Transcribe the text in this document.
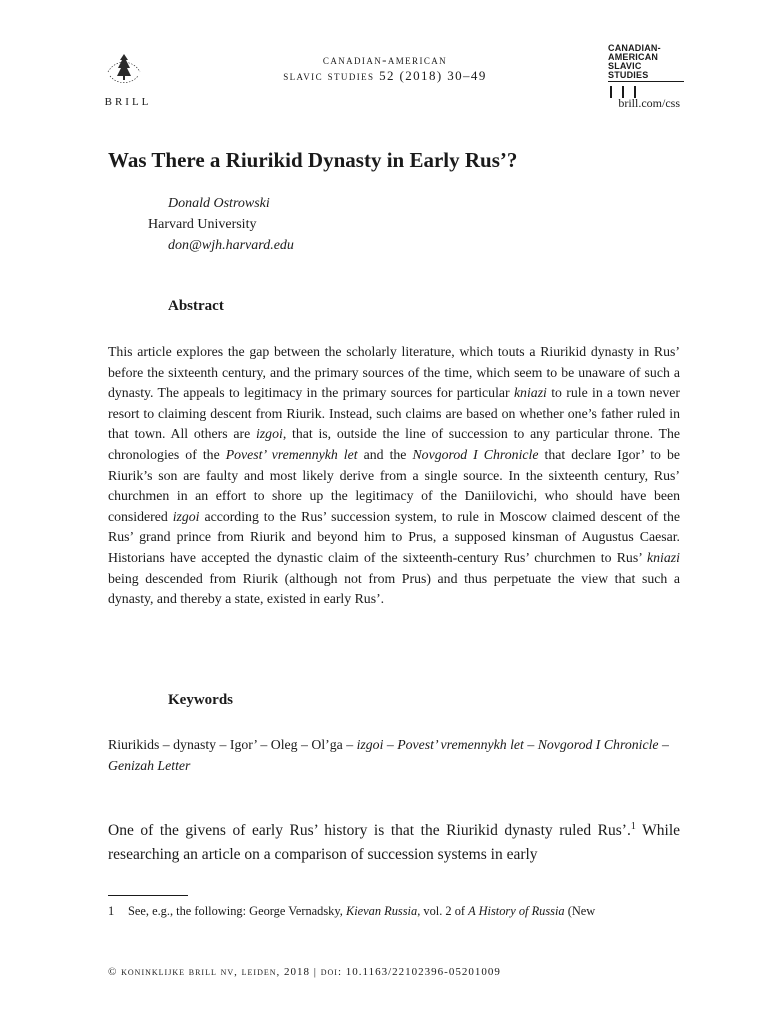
BRILL
canadian-american
slavic studies 52 (2018) 30–49
CANADIAN-
AMERICAN
SLAVIC STUDIES
brill.com/css
Was There a Riurikid Dynasty in Early Rus’?
Donald Ostrowski
Harvard University
don@wjh.harvard.edu
Abstract
This article explores the gap between the scholarly literature, which touts a Riurikid dynasty in Rus’ before the sixteenth century, and the primary sources of the time, which seem to be unaware of such a dynasty. The appeals to legitimacy in the primary sources for particular kniazi to rule in a town never resort to claiming descent from Riurik. Instead, such claims are based on whether one’s father ruled in that town. All others are izgoi, that is, outside the line of succession to any particular throne. The chronologies of the Povest’ vremennykh let and the Novgorod I Chronicle that declare Igor’ to be Riurik’s son are faulty and most likely derive from a single source. In the sixteenth century, Rus’ churchmen in an effort to shore up the legitimacy of the Daniilovichi, who should have been considered izgoi according to the Rus’ succession system, to rule in Moscow claimed descent of the Rus’ grand prince from Riurik and beyond him to Prus, a supposed kinsman of Augustus Caesar. Historians have accepted the dynastic claim of the sixteenth-century Rus’ churchmen to Rus’ kniazi being descended from Riurik (although not from Prus) and thus perpetuate the view that such a dynasty, and thereby a state, existed in early Rus’.
Keywords
Riurikids – dynasty – Igor’ – Oleg – Ol’ga – izgoi – Povest’ vremennykh let – Novgorod I Chronicle – Genizah Letter
One of the givens of early Rus’ history is that the Riurikid dynasty ruled Rus’.$^1$ While researching an article on a comparison of succession systems in early
1 See, e.g., the following: George Vernadsky, Kievan Russia, vol. 2 of A History of Russia (New
© koninklijke brill nv, leiden, 2018 | doi: 10.1163/22102396-05201009
